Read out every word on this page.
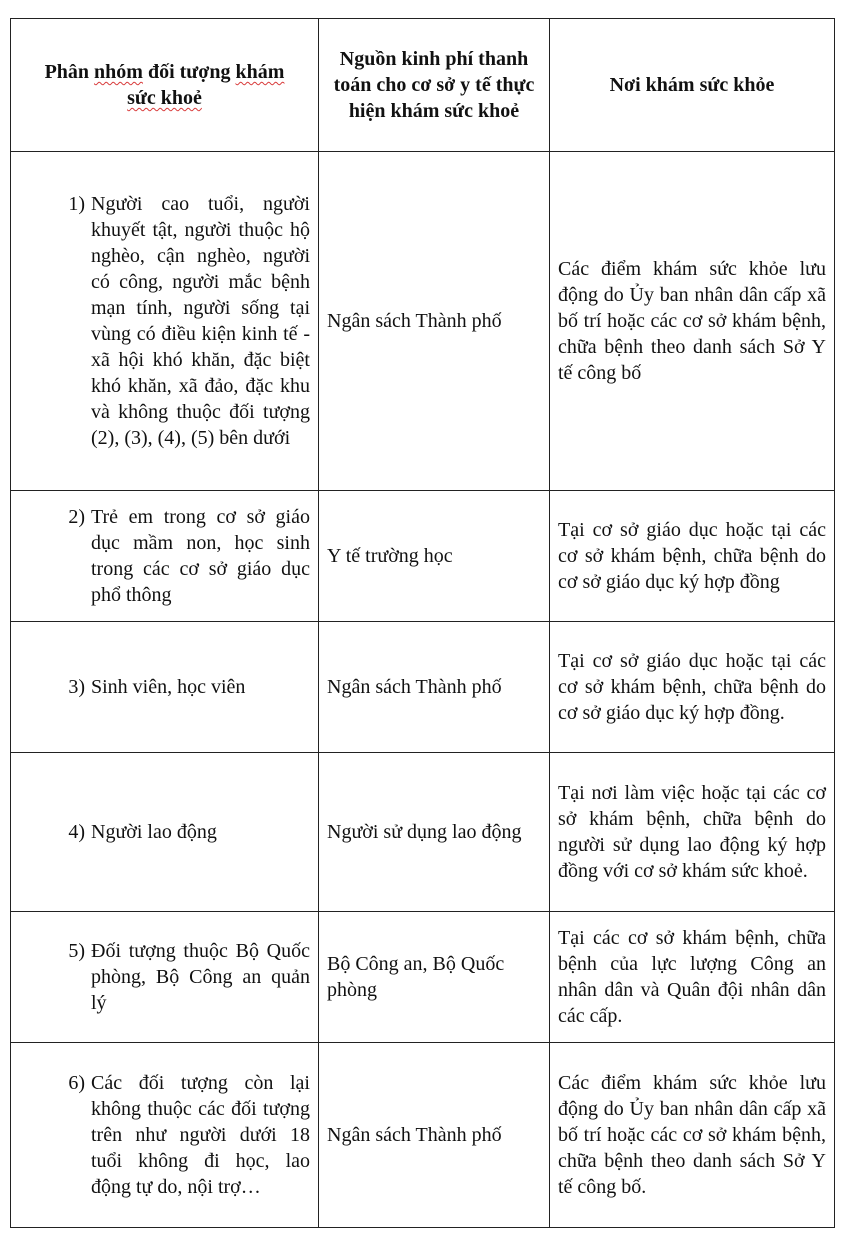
Phân nhóm đối tượng khám
sức khoẻ	Nguồn kinh phí thanh toán cho cơ sở y tế thực hiện khám sức khoẻ	Nơi khám sức khỏe

1) Người cao tuổi, người khuyết tật, người thuộc hộ nghèo, cận nghèo, người có công, người mắc bệnh mạn tính, người sống tại vùng có điều kiện kinh tế - xã hội khó khăn, đặc biệt khó khăn, xã đảo, đặc khu và không thuộc đối tượng (2), (3), (4), (5) bên dưới	Ngân sách Thành phố	Các điểm khám sức khỏe lưu động do Ủy ban nhân dân cấp xã bố trí hoặc các cơ sở khám bệnh, chữa bệnh theo danh sách Sở Y tế công bố

2) Trẻ em trong cơ sở giáo dục mầm non, học sinh trong các cơ sở giáo dục phổ thông	Y tế trường học	Tại cơ sở giáo dục hoặc tại các cơ sở khám bệnh, chữa bệnh do cơ sở giáo dục ký hợp đồng

3) Sinh viên, học viên	Ngân sách Thành phố	Tại cơ sở giáo dục hoặc tại các cơ sở khám bệnh, chữa bệnh do cơ sở giáo dục ký hợp đồng.

4) Người lao động	Người sử dụng lao động	Tại nơi làm việc hoặc tại các cơ sở khám bệnh, chữa bệnh do người sử dụng lao động ký hợp đồng với cơ sở khám sức khoẻ.

5) Đối tượng thuộc Bộ Quốc phòng, Bộ Công an quản lý	Bộ Công an, Bộ Quốc phòng	Tại các cơ sở khám bệnh, chữa bệnh của lực lượng Công an nhân dân và Quân đội nhân dân các cấp.

6) Các đối tượng còn lại không thuộc các đối tượng trên như người dưới 18 tuổi không đi học, lao động tự do, nội trợ…	Ngân sách Thành phố	Các điểm khám sức khỏe lưu động do Ủy ban nhân dân cấp xã bố trí hoặc các cơ sở khám bệnh, chữa bệnh theo danh sách Sở Y tế công bố.
